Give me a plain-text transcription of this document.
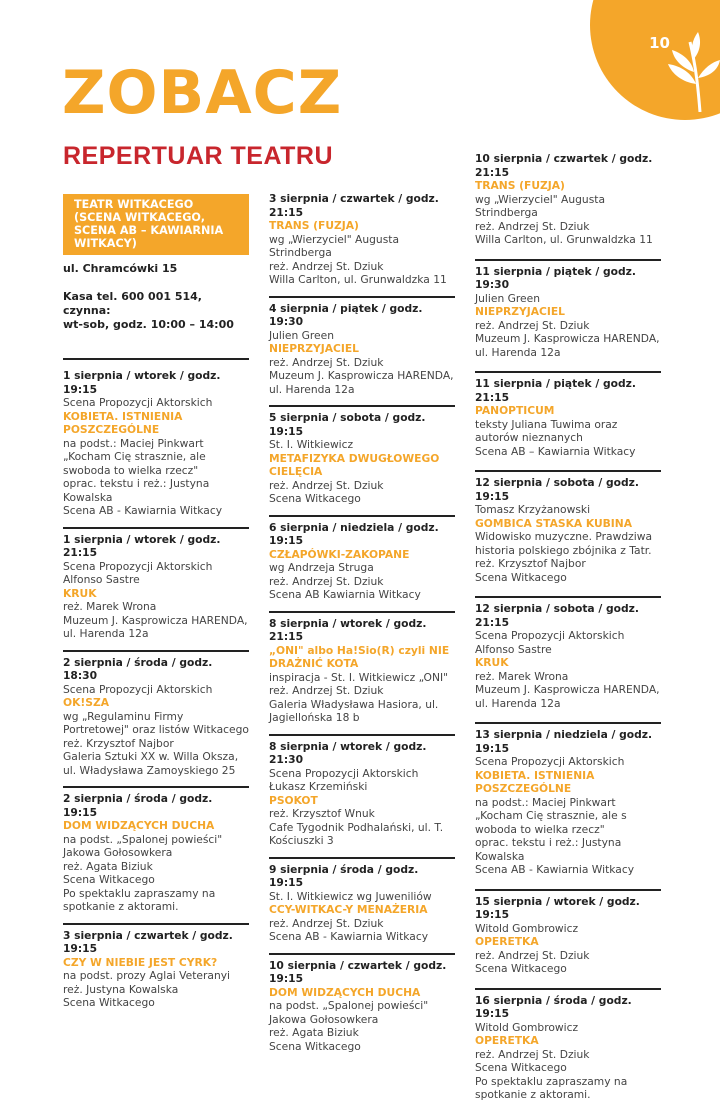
10
ZOBACZ
REPERTUAR TEATRU
TEATR WITKACEGO
(SCENA WITKACEGO,
SCENA AB – KAWIARNIA
WITKACY)

ul. Chramcówki 15

Kasa tel. 600 001 514, czynna:

wt-sob, godz. 10:00 – 14:00

1 sierpnia / wtorek / godz. 19:15
Scena Propozycji Aktorskich
KOBIETA. ISTNIENIA POSZCZEGÓLNE
na podst.: Maciej Pinkwart „Kocham Cię strasznie, ale swoboda to wielka rzecz"
oprac. tekstu i reż.: Justyna Kowalska
Scena AB - Kawiarnia Witkacy
1 sierpnia / wtorek / godz. 21:15
Scena Propozycji Aktorskich
Alfonso Sastre
KRUK
reż. Marek Wrona
Muzeum J. Kasprowicza HARENDA, ul. Harenda 12a
2 sierpnia / środa / godz. 18:30
Scena Propozycji Aktorskich
OK!SZA
wg „Regulaminu Firmy Portretowej" oraz listów Witkacego
reż. Krzysztof Najbor
Galeria Sztuki XX w. Willa Oksza, ul. Władysława Zamoyskiego 25
2 sierpnia / środa / godz. 19:15
DOM WIDZĄCYCH DUCHA
na podst. „Spalonej powieści" Jakowa Gołosowkera
reż. Agata Biziuk
Scena Witkacego
Po spektaklu zapraszamy na spotkanie z aktorami.
3 sierpnia / czwartek / godz. 19:15
CZY W NIEBIE JEST CYRK?
na podst. prozy Aglai Veteranyi
reż. Justyna Kowalska
Scena Witkacego
3 sierpnia / czwartek / godz. 21:15
TRANS (FUZJA)
wg „Wierzyciel" Augusta Strindberga
reż. Andrzej St. Dziuk
Willa Carlton, ul. Grunwaldzka 11
4 sierpnia / piątek / godz. 19:30
Julien Green
NIEPRZYJACIEL
reż. Andrzej St. Dziuk
Muzeum J. Kasprowicza HARENDA, ul. Harenda 12a
5 sierpnia / sobota / godz. 19:15
St. I. Witkiewicz
METAFIZYKA DWUGŁOWEGO CIELĘCIA
reż. Andrzej St. Dziuk
Scena Witkacego
6 sierpnia / niedziela / godz. 19:15
CZŁAPÓWKI-ZAKOPANE
wg Andrzeja Struga
reż. Andrzej St. Dziuk
Scena AB Kawiarnia Witkacy
8 sierpnia / wtorek / godz. 21:15
„ONI" albo Ha!Sio(R) czyli NIE DRAŻNIĆ KOTA
inspiracja - St. I. Witkiewicz „ONI"
reż. Andrzej St. Dziuk
Galeria Władysława Hasiora, ul. Jagiellońska 18 b
8 sierpnia / wtorek / godz. 21:30
Scena Propozycji Aktorskich
Łukasz Krzemiński
PSOKOT
reż. Krzysztof Wnuk
Cafe Tygodnik Podhalański, ul. T. Kościuszki 3
9 sierpnia / środa / godz. 19:15
St. I. Witkiewicz wg Juweniliów
CCY-WITKAC-Y MENAŻERIA
reż. Andrzej St. Dziuk
Scena AB - Kawiarnia Witkacy
10 sierpnia / czwartek / godz. 19:15
DOM WIDZĄCYCH DUCHA
na podst. „Spalonej powieści" Jakowa Gołosowkera
reż. Agata Biziuk
Scena Witkacego
10 sierpnia / czwartek / godz. 21:15
TRANS (FUZJA)
wg „Wierzyciel" Augusta Strindberga
reż. Andrzej St. Dziuk
Willa Carlton, ul. Grunwaldzka 11
11 sierpnia / piątek / godz. 19:30
Julien Green
NIEPRZYJACIEL
reż. Andrzej St. Dziuk
Muzeum J. Kasprowicza HARENDA, ul. Harenda 12a
11 sierpnia / piątek / godz. 21:15
PANOPTICUM
teksty Juliana Tuwima oraz autorów nieznanych
Scena AB – Kawiarnia Witkacy
12 sierpnia / sobota / godz. 19:15
Tomasz Krzyżanowski
GOMBICA STASKA KUBINA
Widowisko muzyczne. Prawdziwa historia polskiego zbójnika z Tatr.
reż. Krzysztof Najbor
Scena Witkacego
12 sierpnia / sobota / godz. 21:15
Scena Propozycji Aktorskich
Alfonso Sastre
KRUK
reż. Marek Wrona
Muzeum J. Kasprowicza HARENDA, ul. Harenda 12a
13 sierpnia / niedziela / godz. 19:15
Scena Propozycji Aktorskich
KOBIETA. ISTNIENIA POSZCZEGÓLNE
na podst.: Maciej Pinkwart „Kocham Cię strasznie, ale s woboda to wielka rzecz"
oprac. tekstu i reż.: Justyna Kowalska
Scena AB - Kawiarnia Witkacy
15 sierpnia / wtorek / godz. 19:15
Witold Gombrowicz
OPERETKA
reż. Andrzej St. Dziuk
Scena Witkacego
16 sierpnia / środa / godz. 19:15
Witold Gombrowicz
OPERETKA
reż. Andrzej St. Dziuk
Scena Witkacego
Po spektaklu zapraszamy na spotkanie z aktorami.
